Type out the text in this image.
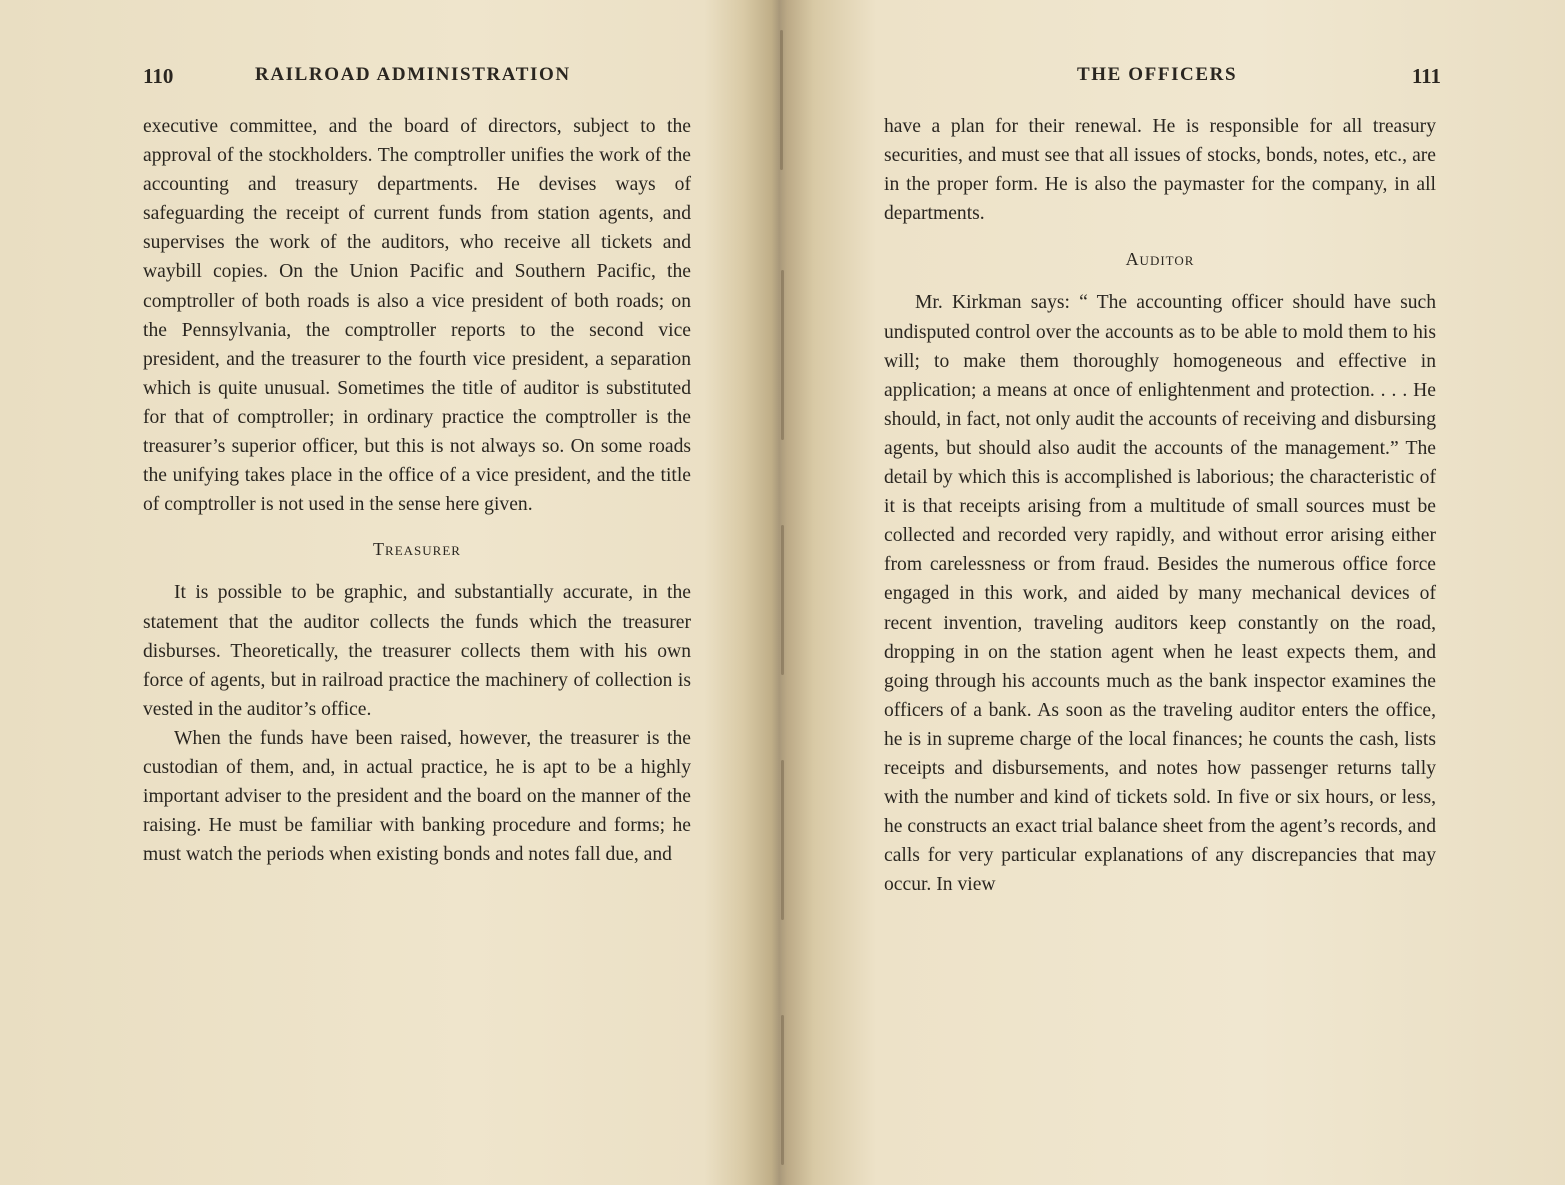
110	RAILROAD ADMINISTRATION

executive committee, and the board of directors, subject to the approval of the stockholders. The comptroller unifies the work of the accounting and treasury departments. He devises ways of safeguarding the receipt of current funds from station agents, and supervises the work of the auditors, who receive all tickets and waybill copies. On the Union Pacific and Southern Pacific, the comptroller of both roads is also a vice president of both roads; on the Pennsylvania, the comptroller reports to the second vice president, and the treasurer to the fourth vice president, a separation which is quite unusual. Sometimes the title of auditor is substituted for that of comptroller; in ordinary practice the comptroller is the treasurer’s superior officer, but this is not always so. On some roads the unifying takes place in the office of a vice president, and the title of comptroller is not used in the sense here given.

Treasurer

It is possible to be graphic, and substantially accurate, in the statement that the auditor collects the funds which the treasurer disburses. Theoretically, the treasurer collects them with his own force of agents, but in railroad practice the machinery of collection is vested in the auditor’s office.

When the funds have been raised, however, the treasurer is the custodian of them, and, in actual practice, he is apt to be a highly important adviser to the president and the board on the manner of the raising. He must be familiar with banking procedure and forms; he must watch the periods when existing bonds and notes fall due, and

THE OFFICERS	111

have a plan for their renewal. He is responsible for all treasury securities, and must see that all issues of stocks, bonds, notes, etc., are in the proper form. He is also the paymaster for the company, in all departments.

Auditor

Mr. Kirkman says: “ The accounting officer should have such undisputed control over the accounts as to be able to mold them to his will; to make them thoroughly homogeneous and effective in application; a means at once of enlightenment and protection. . . . He should, in fact, not only audit the accounts of receiving and disbursing agents, but should also audit the accounts of the management.” The detail by which this is accomplished is laborious; the characteristic of it is that receipts arising from a multitude of small sources must be collected and recorded very rapidly, and without error arising either from carelessness or from fraud. Besides the numerous office force engaged in this work, and aided by many mechanical devices of recent invention, traveling auditors keep constantly on the road, dropping in on the station agent when he least expects them, and going through his accounts much as the bank inspector examines the officers of a bank. As soon as the traveling auditor enters the office, he is in supreme charge of the local finances; he counts the cash, lists receipts and disbursements, and notes how passenger returns tally with the number and kind of tickets sold. In five or six hours, or less, he constructs an exact trial balance sheet from the agent’s records, and calls for very particular explanations of any discrepancies that may occur. In view
